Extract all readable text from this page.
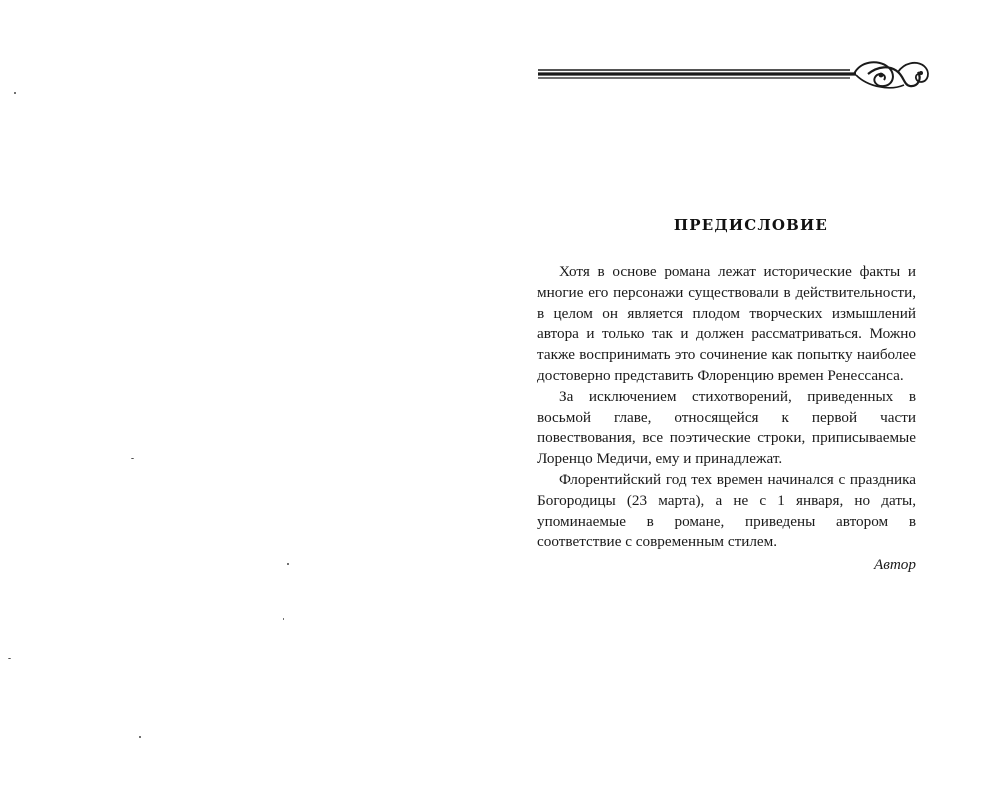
ПРЕДИСЛОВИЕ

Хотя в основе романа лежат исторические факты и многие его персонажи существовали в действительности, в целом он является плодом творческих измышлений автора и только так и должен рассматриваться. Можно также воспринимать это сочинение как попытку наиболее достоверно представить Флоренцию времен Ренессанса.

За исключением стихотворений, приведенных в восьмой главе, относящейся к первой части повествования, все поэтические строки, приписываемые Лоренцо Медичи, ему и принадлежат.

Флорентийский год тех времен начинался с праздника Богородицы (23 марта), а не с 1 января, но даты, упоминаемые в романе, приведены автором в соответствие с современным стилем.

Автор
